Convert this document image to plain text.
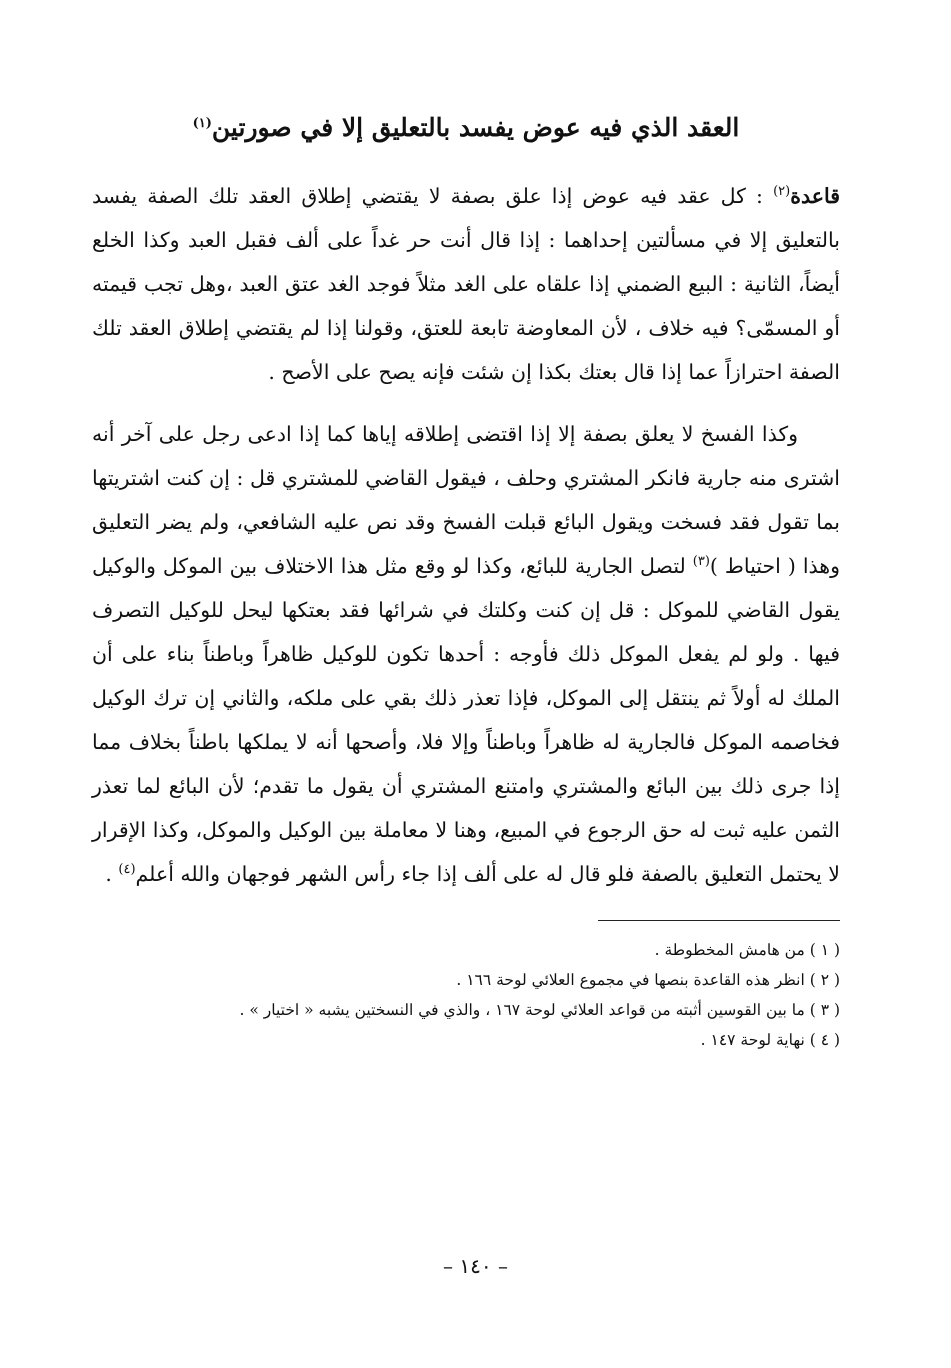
العقد الذي فيه عوض يفسد بالتعليق إلا في صورتين$^{(١)}$

قاعدة$^{(٢)}$ : كل عقد فيه عوض إذا علق بصفة لا يقتضي إطلاق العقد تلك الصفة يفسد بالتعليق إلا في مسألتين إحداهما : إذا قال أنت حر غداً على ألف فقبل العبد وكذا الخلع أيضاً، الثانية : البيع الضمني إذا علقاه على الغد مثلاً فوجد الغد عتق العبد ،وهل تجب قيمته أو المسمّى؟ فيه خلاف ، لأن المعاوضة تابعة للعتق، وقولنا إذا لم يقتضي إطلاق العقد تلك الصفة احترازاً عما إذا قال بعتك بكذا إن شئت فإنه يصح على الأصح .

وكذا الفسخ لا يعلق بصفة إلا إذا اقتضى إطلاقه إياها كما إذا ادعى رجل على آخر أنه اشترى منه جارية فانكر المشتري وحلف ، فيقول القاضي للمشتري قل : إن كنت اشتريتها بما تقول فقد فسخت ويقول البائع قبلت الفسخ وقد نص عليه الشافعي، ولم يضر التعليق وهذا ( احتياط )$^{(٣)}$ لتصل الجارية للبائع، وكذا لو وقع مثل هذا الاختلاف بين الموكل والوكيل يقول القاضي للموكل : قل إن كنت وكلتك في شرائها فقد بعتكها ليحل للوكيل التصرف فيها . ولو لم يفعل الموكل ذلك فأوجه : أحدها تكون للوكيل ظاهراً وباطناً بناء على أن الملك له أولاً ثم ينتقل إلى الموكل، فإذا تعذر ذلك بقي على ملكه، والثاني إن ترك الوكيل فخاصمه الموكل فالجارية له ظاهراً وباطناً وإلا فلا، وأصحها أنه لا يملكها باطناً بخلاف مما إذا جرى ذلك بين البائع والمشتري وامتنع المشتري أن يقول ما تقدم؛ لأن البائع لما تعذر الثمن عليه ثبت له حق الرجوع في المبيع، وهنا لا معاملة بين الوكيل والموكل، وكذا الإقرار لا يحتمل التعليق بالصفة فلو قال له على ألف إذا جاء رأس الشهر فوجهان والله أعلم$^{(٤)}$ .

( ١ ) من هامش المخطوطة .

( ٢ ) انظر هذه القاعدة بنصها في مجموع العلائي لوحة ١٦٦ .

( ٣ ) ما بين القوسين أثبته من قواعد العلائي لوحة ١٦٧ ، والذي في النسختين يشبه « اختيار » .

( ٤ ) نهاية لوحة ١٤٧ .

– ١٤٠ –
